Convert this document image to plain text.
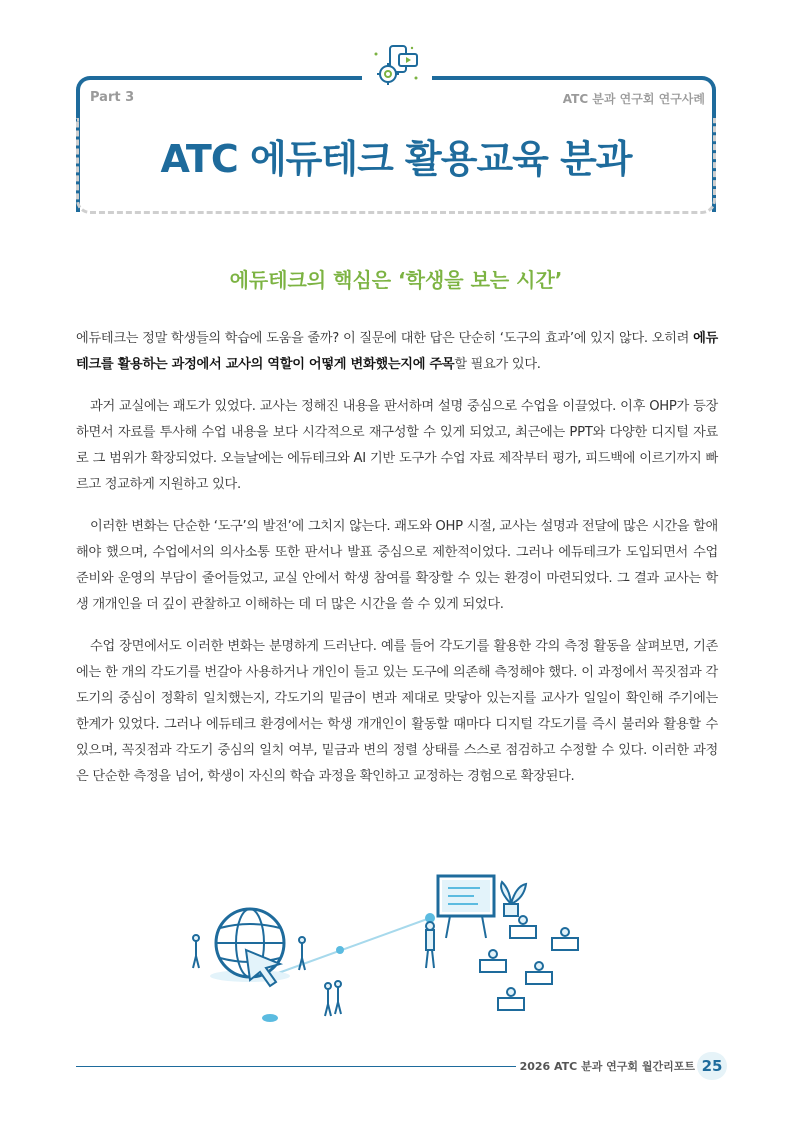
Part 3	ATC 분과 연구회 연구사례
ATC 에듀테크 활용교육 분과
에듀테크의 핵심은 ‘학생을 보는 시간’

에듀테크는 정말 학생들의 학습에 도움을 줄까? 이 질문에 대한 답은 단순히 ‘도구의 효과’에 있지 않다. 오히려 에듀테크를 활용하는 과정에서 교사의 역할이 어떻게 변화했는지에 주목할 필요가 있다.

과거 교실에는 괘도가 있었다. 교사는 정해진 내용을 판서하며 설명 중심으로 수업을 이끌었다. 이후 OHP가 등장하면서 자료를 투사해 수업 내용을 보다 시각적으로 재구성할 수 있게 되었고, 최근에는 PPT와 다양한 디지털 자료로 그 범위가 확장되었다. 오늘날에는 에듀테크와 AI 기반 도구가 수업 자료 제작부터 평가, 피드백에 이르기까지 빠르고 정교하게 지원하고 있다.

이러한 변화는 단순한 ‘도구’의 발전’에 그치지 않는다. 괘도와 OHP 시절, 교사는 설명과 전달에 많은 시간을 할애해야 했으며, 수업에서의 의사소통 또한 판서나 발표 중심으로 제한적이었다. 그러나 에듀테크가 도입되면서 수업 준비와 운영의 부담이 줄어들었고, 교실 안에서 학생 참여를 확장할 수 있는 환경이 마련되었다. 그 결과 교사는 학생 개개인을 더 깊이 관찰하고 이해하는 데 더 많은 시간을 쓸 수 있게 되었다.

수업 장면에서도 이러한 변화는 분명하게 드러난다. 예를 들어 각도기를 활용한 각의 측정 활동을 살펴보면, 기존에는 한 개의 각도기를 번갈아 사용하거나 개인이 들고 있는 도구에 의존해 측정해야 했다. 이 과정에서 꼭짓점과 각도기의 중심이 정확히 일치했는지, 각도기의 밑금이 변과 제대로 맞닿아 있는지를 교사가 일일이 확인해 주기에는 한계가 있었다. 그러나 에듀테크 환경에서는 학생 개개인이 활동할 때마다 디지털 각도기를 즉시 불러와 활용할 수 있으며, 꼭짓점과 각도기 중심의 일치 여부, 밑금과 변의 정렬 상태를 스스로 점검하고 수정할 수 있다. 이러한 과정은 단순한 측정을 넘어, 학생이 자신의 학습 과정을 확인하고 교정하는 경험으로 확장된다.

2026 ATC 분과 연구회 월간리포트 25
